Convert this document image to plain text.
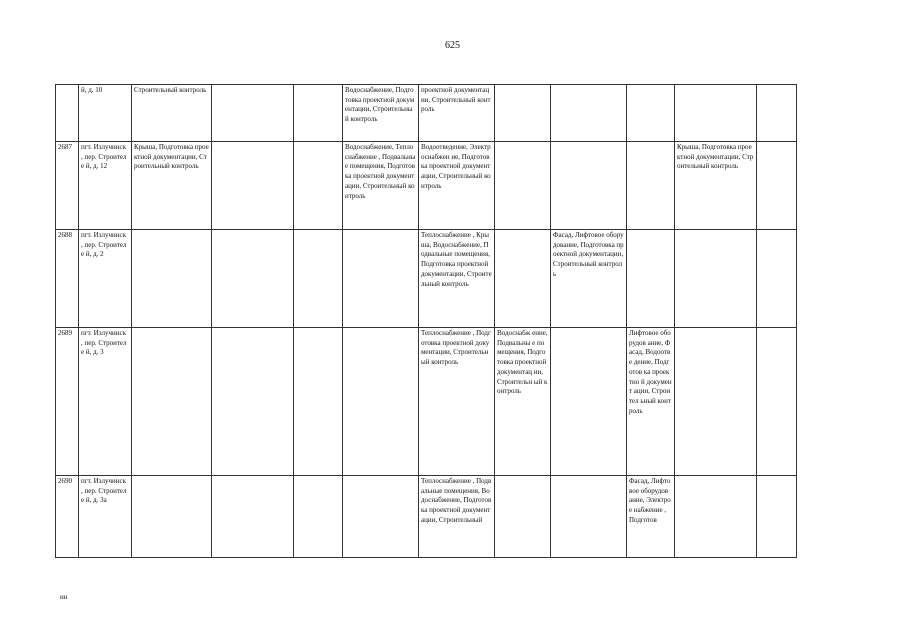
625
	й, д. 10	Строительный контроль			Водоснабжение, Подготовка проектной документации, Строительный контроль	проектной документации, Строительный контроль					
2687	пгт. Излучинск , пер. Строителе й, д. 12	Крыша, Подготовка проектной документации, Строительный контроль			Водоснабжение, Теплоснабжение , Подвальные помещения, Подготовка проектной документации, Строительный контроль	Водоотведение, Электроснабжен ие, Подготовка проектной документации, Строительный контроль				Крыша, Подготовка проектной документации, Строительный контроль	
2688	пгт. Излучинск , пер. Строителе й, д. 2					Теплоснабжение , Крыша, Водоснабжение, Подвальные помещения, Подготовка проектной документации, Строительный контроль		Фасад, Лифтовое оборудование, Подготовка проектной документации, Строительный контроль			
2689	пгт. Излучинск , пер. Строителе й, д. 3					Теплоснабжение , Подготовка проектной документации, Строительный контроль	Водоснабж ение, Подвальны е помещения, Подготовка проектной документац ии, Строительн ый контроль		Лифтовое оборудов ание, Фасад, Водоотве дение, Подготов ка проектно й документ ации, Строител ьный контроль		
2690	пгт. Излучинск , пер. Строителе й, д. 3а					Теплоснабжение , Подвальные помещения, Водоснабжение, Подготовка проектной документации, Строительный			Фасад, Лифтовое оборудов ание, Электрое набжение , Подготов		
нн
